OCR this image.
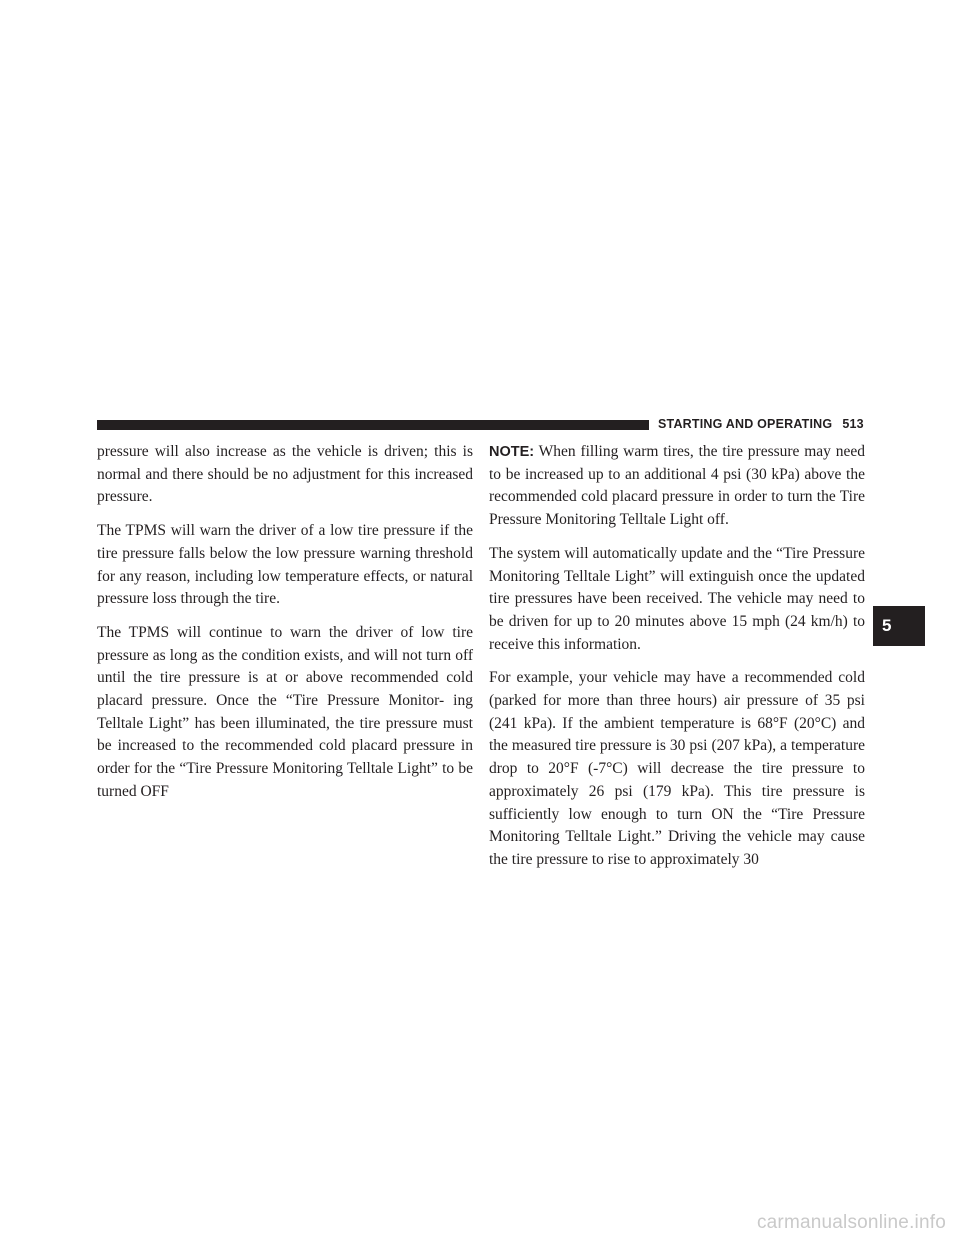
STARTING AND OPERATING 513

pressure will also increase as the vehicle is driven; this is normal and there should be no adjustment for this increased pressure.

The TPMS will warn the driver of a low tire pressure if the tire pressure falls below the low pressure warning threshold for any reason, including low temperature effects, or natural pressure loss through the tire.

The TPMS will continue to warn the driver of low tire pressure as long as the condition exists, and will not turn off until the tire pressure is at or above recommended cold placard pressure. Once the “Tire Pressure Monitor- ing Telltale Light” has been illuminated, the tire pressure must be increased to the recommended cold placard pressure in order for the “Tire Pressure Monitoring Telltale Light” to be turned OFF

NOTE: When filling warm tires, the tire pressure may need to be increased up to an additional 4 psi (30 kPa) above the recommended cold placard pressure in order to turn the Tire Pressure Monitoring Telltale Light off.

The system will automatically update and the “Tire Pressure Monitoring Telltale Light” will extinguish once the updated tire pressures have been received. The vehicle may need to be driven for up to 20 minutes above 15 mph (24 km/h) to receive this information.

For example, your vehicle may have a recommended cold (parked for more than three hours) air pressure of 35 psi (241 kPa). If the ambient temperature is 68°F (20°C) and the measured tire pressure is 30 psi (207 kPa), a temperature drop to 20°F (-7°C) will decrease the tire pressure to approximately 26 psi (179 kPa). This tire pressure is sufficiently low enough to turn ON the “Tire Pressure Monitoring Telltale Light.” Driving the vehicle may cause the tire pressure to rise to approximately 30

5
carmanualsonline.info
